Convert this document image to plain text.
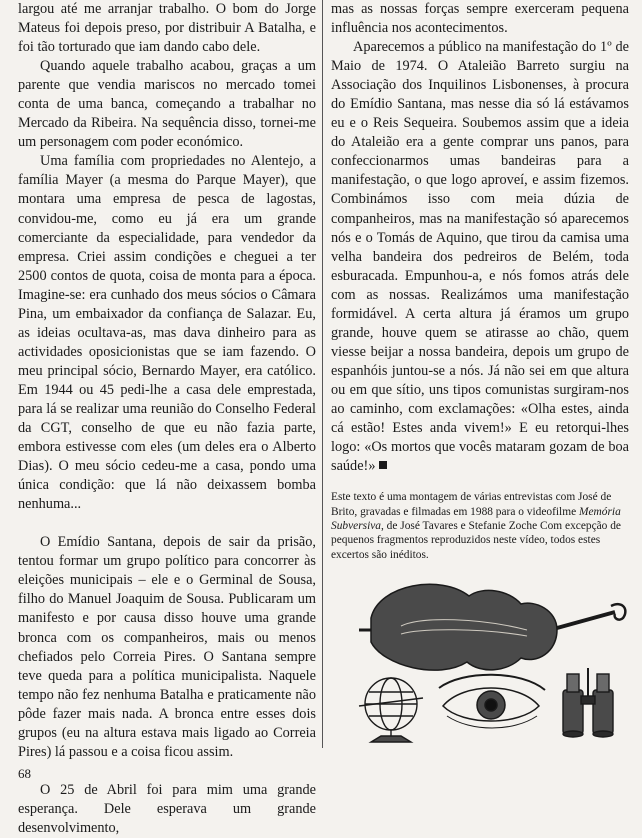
largou até me arranjar trabalho. O bom do Jorge Mateus foi depois preso, por distribuir A Batalha, e foi tão torturado que iam dando cabo dele.

Quando aquele trabalho acabou, graças a um parente que vendia mariscos no mercado tomei conta de uma banca, começando a trabalhar no Mercado da Ribeira. Na sequência disso, tornei-me um personagem com poder económico.

Uma família com propriedades no Alentejo, a família Mayer (a mesma do Parque Mayer), que montara uma empresa de pesca de lagostas, convidou-me, como eu já era um grande comerciante da especialidade, para vendedor da empresa. Criei assim condições e cheguei a ter 2500 contos de quota, coisa de monta para a época. Imagine-se: era cunhado dos meus sócios o Câmara Pina, um embaixador da confiança de Salazar. Eu, as ideias ocultava-as, mas dava dinheiro para as actividades oposicionistas que se iam fazendo. O meu principal sócio, Bernardo Mayer, era católico. Em 1944 ou 45 pedi-lhe a casa dele emprestada, para lá se realizar uma reunião do Conselho Federal da CGT, conselho de que eu não fazia parte, embora estivesse com eles (um deles era o Alberto Dias). O meu sócio cedeu-me a casa, pondo uma única condição: que lá não deixassem bomba nenhuma...

O Emídio Santana, depois de sair da prisão, tentou formar um grupo político para concorrer às eleições municipais – ele e o Germinal de Sousa, filho do Manuel Joaquim de Sousa. Publicaram um manifesto e por causa disso houve uma grande bronca com os companheiros, mais ou menos chefiados pelo Correia Pires. O Santana sempre teve queda para a política municipalista. Naquele tempo não fez nenhuma Batalha e praticamente não pôde fazer mais nada. A bronca entre esses dois grupos (eu na altura estava mais ligado ao Correia Pires) lá passou e a coisa ficou assim.

O 25 de Abril foi para mim uma grande esperança. Dele esperava um grande desenvolvimento,

mas as nossas forças sempre exerceram pequena influência nos acontecimentos.

Aparecemos a público na manifestação do 1º de Maio de 1974. O Ataleião Barreto surgiu na Associação dos Inquilinos Lisbonenses, à procura do Emídio Santana, mas nesse dia só lá estávamos eu e o Reis Sequeira. Soubemos assim que a ideia do Ataleião era a gente comprar uns panos, para confeccionarmos umas bandeiras para a manifestação, o que logo aproveí, e assim fizemos. Combinámos isso com meia dúzia de companheiros, mas na manifestação só aparecemos nós e o Tomás de Aquino, que tirou da camisa uma velha bandeira dos pedreiros de Belém, toda esburacada. Empunhou-a, e nós fomos atrás dele com as nossas. Realizámos uma manifestação formidável. A certa altura já éramos um grupo grande, houve quem se atirasse ao chão, quem viesse beijar a nossa bandeira, depois um grupo de espanhóis juntou-se a nós. Já não sei em que altura ou em que sítio, uns tipos comunistas surgiram-nos ao caminho, com exclamações: «Olha estes, ainda cá estão! Estes anda vivem!» E eu retorqui-lhes logo: «Os mortos que vocês mataram gozam de boa saúde!»

Este texto é uma montagem de várias entrevistas com José de Brito, gravadas e filmadas em 1988 para o videofilme Memória Subversiva, de José Tavares e Stefanie Zoche Com excepção de pequenos fragmentos reproduzidos neste vídeo, todos estes excertos são inéditos.

68
